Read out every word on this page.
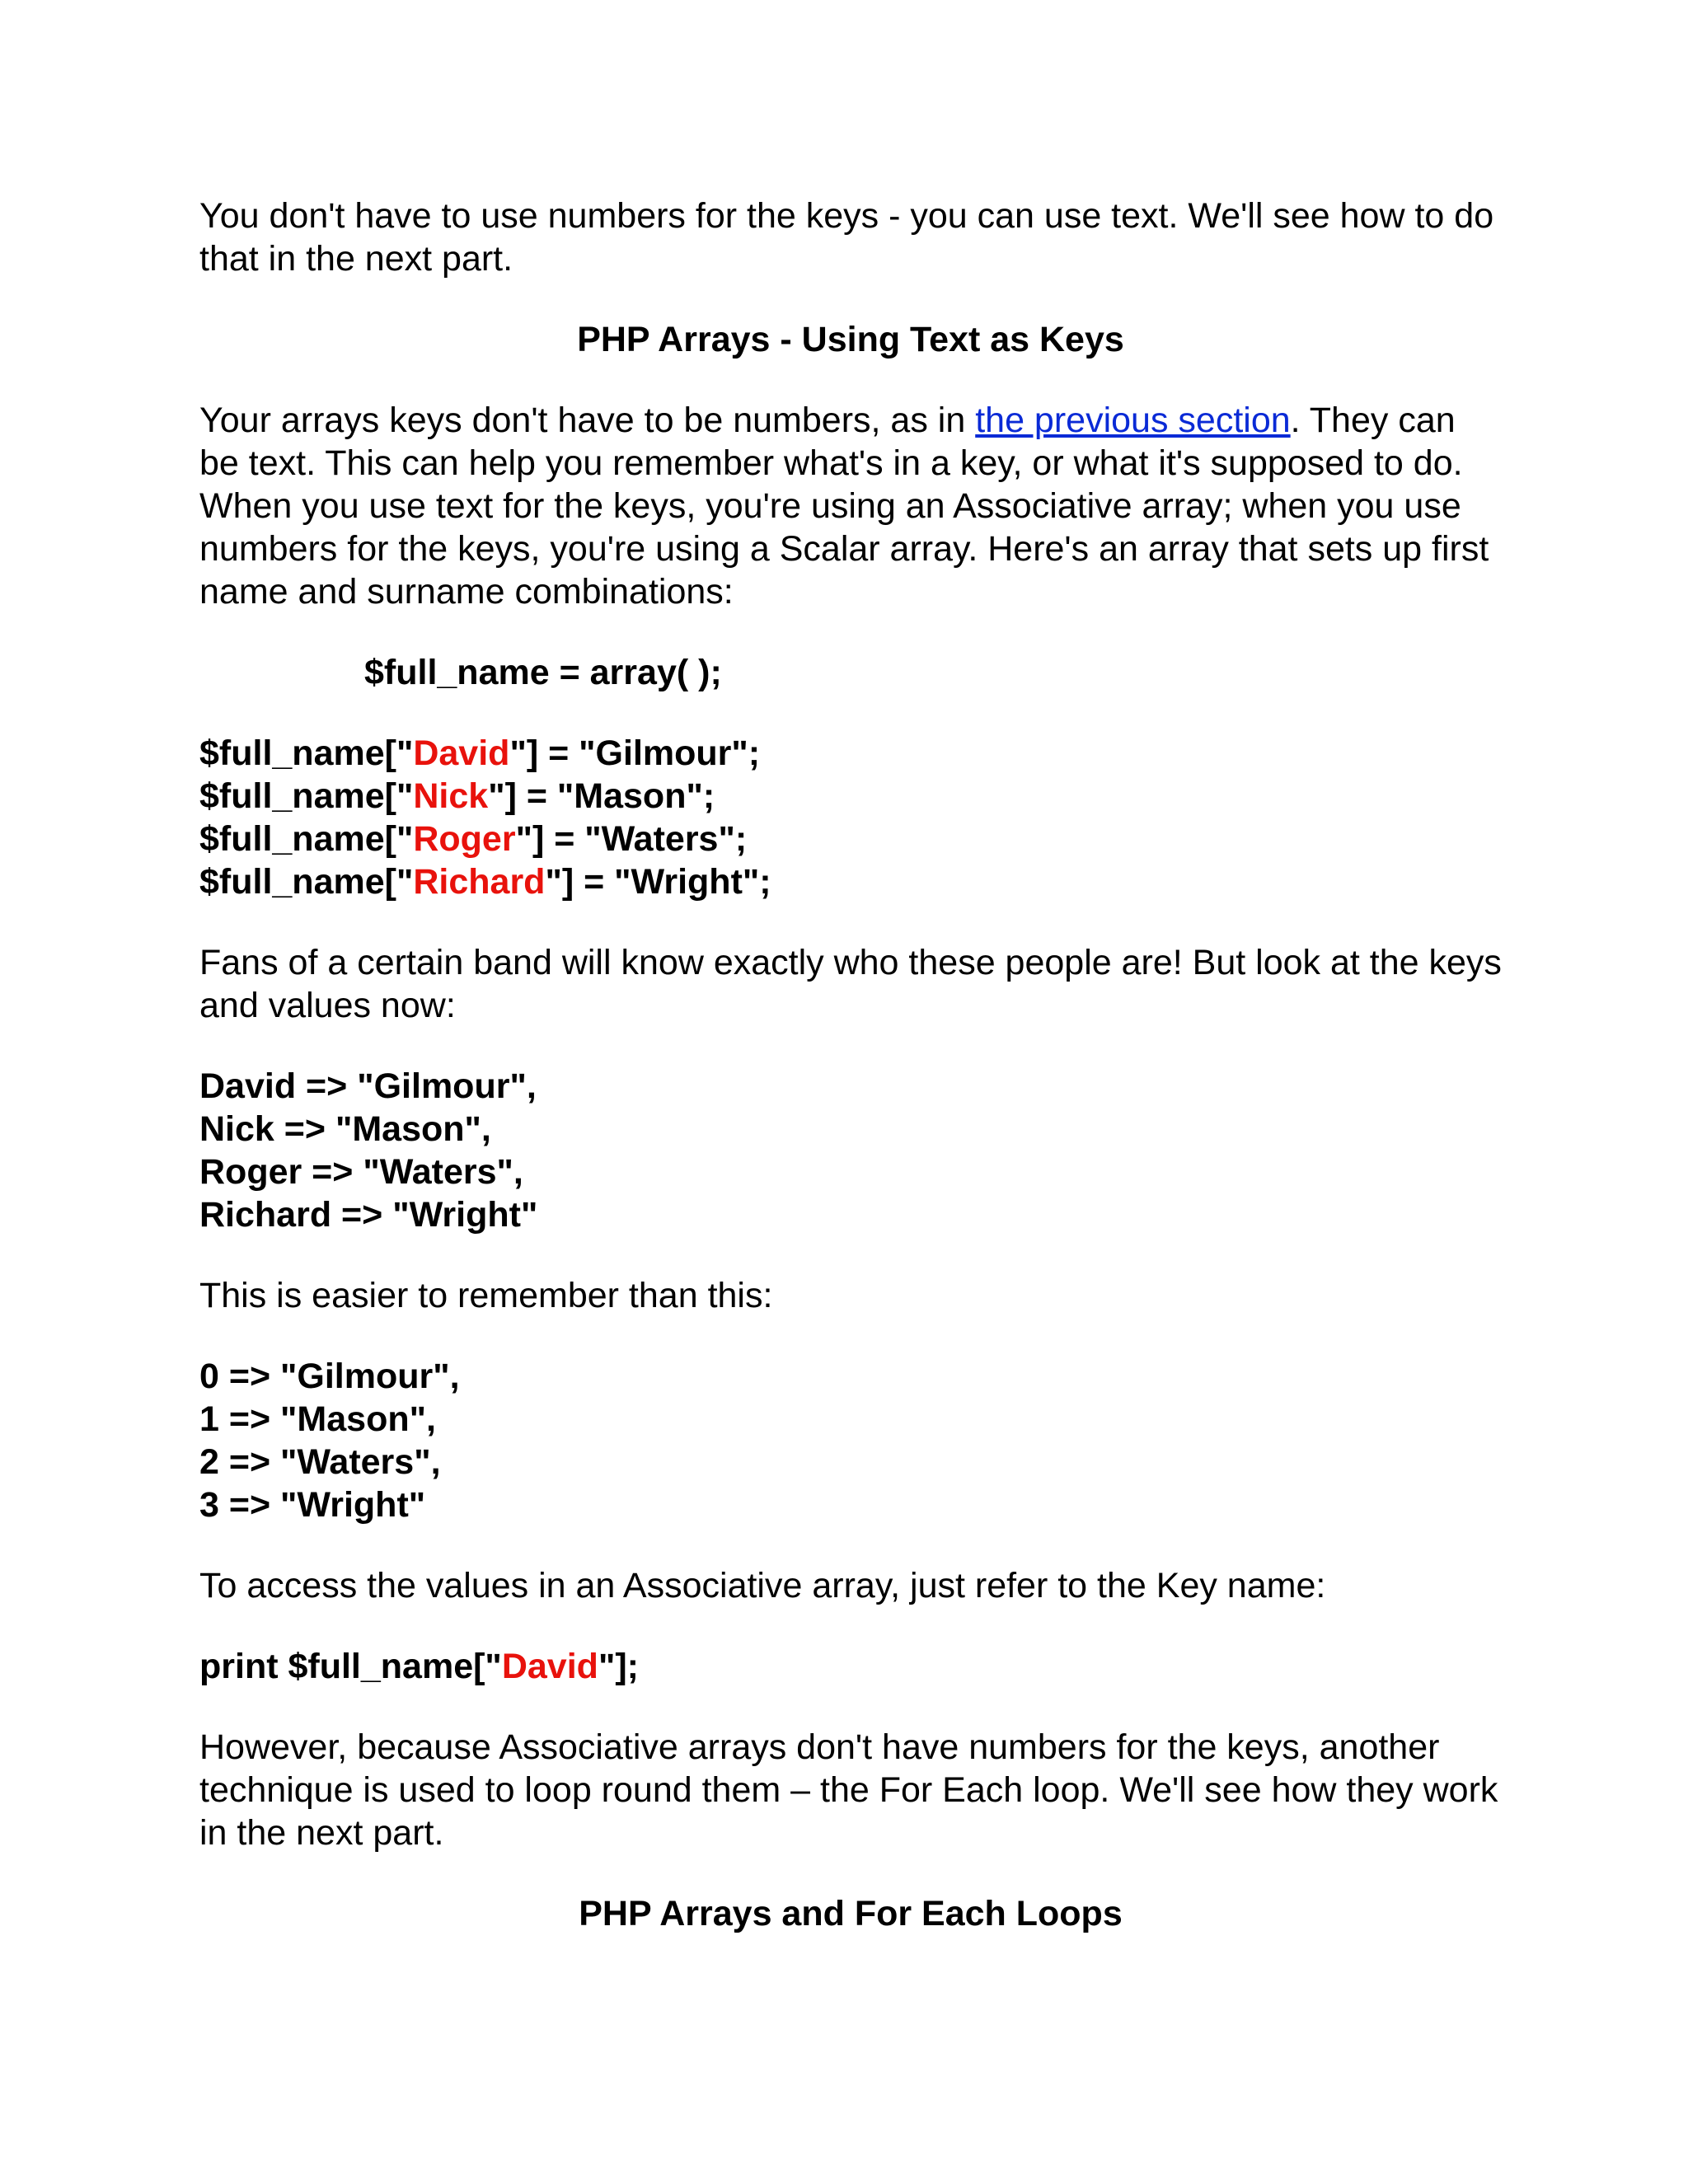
You don't have to use numbers for the keys - you can use text. We'll see how to do that in the next part.

PHP Arrays - Using Text as Keys

Your arrays keys don't have to be numbers, as in the previous section. They can be text. This can help you remember what's in a key, or what it's supposed to do. When you use text for the keys, you're using an Associative array; when you use numbers for the keys, you're using a Scalar array. Here's an array that sets up first name and surname combinations:

$full_name = array( );
$full_name["David"] = "Gilmour";
$full_name["Nick"] = "Mason";
$full_name["Roger"] = "Waters";
$full_name["Richard"] = "Wright";

Fans of a certain band will know exactly who these people are! But look at the keys and values now:

David => "Gilmour",
Nick => "Mason",
Roger => "Waters",
Richard => "Wright"

This is easier to remember than this:

0 => "Gilmour",
1 => "Mason",
2 => "Waters",
3 => "Wright"

To access the values in an Associative array, just refer to the Key name:

print $full_name["David"];

However, because Associative arrays don't have numbers for the keys, another technique is used to loop round them – the For Each loop. We'll see how they work in the next part.

PHP Arrays and For Each Loops
